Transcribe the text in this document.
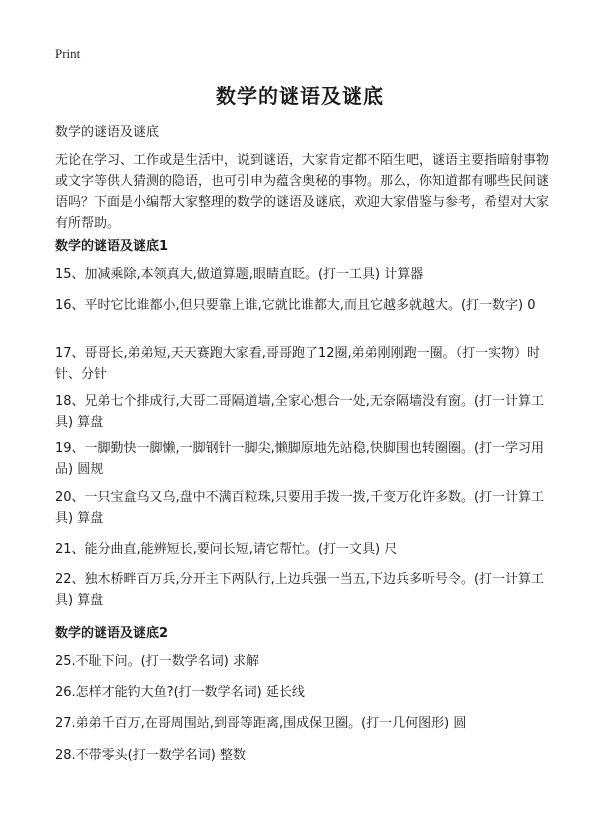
Print
数学的谜语及谜底
数学的谜语及谜底

无论在学习、工作或是生活中，说到谜语，大家肯定都不陌生吧，谜语主要指暗射事物或文字等供人猜测的隐语，也可引申为蕴含奥秘的事物。那么，你知道都有哪些民间谜语吗？下面是小编帮大家整理的数学的谜语及谜底，欢迎大家借鉴与参考，希望对大家有所帮助。

数学的谜语及谜底1

15、加减乘除,本领真大,做道算题,眼睛直眨。(打一工具) 计算器

16、平时它比谁都小,但只要靠上谁,它就比谁都大,而且它越多就越大。(打一数字) 0

17、哥哥长,弟弟短,天天赛跑大家看,哥哥跑了12圈,弟弟刚刚跑一圈。（打一实物）时针、分针

18、兄弟七个排成行,大哥二哥隔道墙,全家心想合一处,无奈隔墙没有窗。(打一计算工具) 算盘

19、一脚勤快一脚懒,一脚钢针一脚尖,懒脚原地先站稳,快脚围也转圈圈。(打一学习用品) 圆规

20、一只宝盒乌又乌,盘中不满百粒珠,只要用手拨一拨,千变万化许多数。(打一计算工具) 算盘

21、能分曲直,能辨短长,要问长短,请它帮忙。(打一文具) 尺

22、独木桥畔百万兵,分开主下两队行,上边兵强一当五,下边兵多听号令。(打一计算工具) 算盘

数学的谜语及谜底2

25.不耻下问。(打一数学名词) 求解

26.怎样才能钓大鱼?(打一数学名词) 延长线

27.弟弟千百万,在哥周围站,到哥等距离,围成保卫圈。(打一几何图形) 圆

28.不带零头(打一数学名词) 整数
